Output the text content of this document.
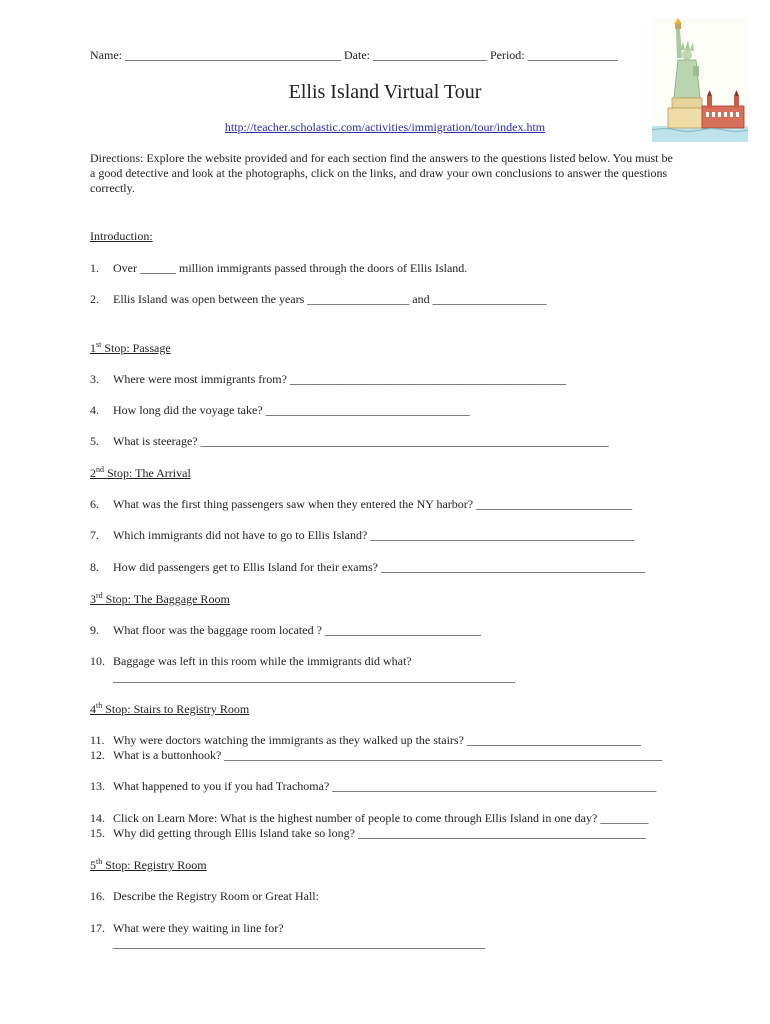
Name: ____________________________________ Date: ___________________ Period: _______________
Ellis Island Virtual Tour
http://teacher.scholastic.com/activities/immigration/tour/index.htm
Directions: Explore the website provided and for each section find the answers to the questions listed below. You must be a good detective and look at the photographs, click on the links, and draw your own conclusions to answer the questions correctly.
Introduction:
1. Over ______ million immigrants passed through the doors of Ellis Island.
2. Ellis Island was open between the years _________________ and ___________________
1st Stop: Passage
3. Where were most immigrants from? ______________________________________________
4. How long did the voyage take? __________________________________
5. What is steerage? ____________________________________________________________________
2nd Stop: The Arrival
6. What was the first thing passengers saw when they entered the NY harbor? __________________________
7. Which immigrants did not have to go to Ellis Island? ____________________________________________
8. How did passengers get to Ellis Island for their exams? ____________________________________________
3rd Stop: The Baggage Room
9. What floor was the baggage room located ? __________________________
10. Baggage was left in this room while the immigrants did what?
___________________________________________________________________
4th Stop: Stairs to Registry Room
11. Why were doctors watching the immigrants as they walked up the stairs? _____________________________
12. What is a buttonhook? _________________________________________________________________________
13. What happened to you if you had Trachoma? ______________________________________________________
14. Click on Learn More: What is the highest number of people to come through Ellis Island in one day? ________
15. Why did getting through Ellis Island take so long? ________________________________________________
5th Stop: Registry Room
16. Describe the Registry Room or Great Hall:
17. What were they waiting in line for?
______________________________________________________________
